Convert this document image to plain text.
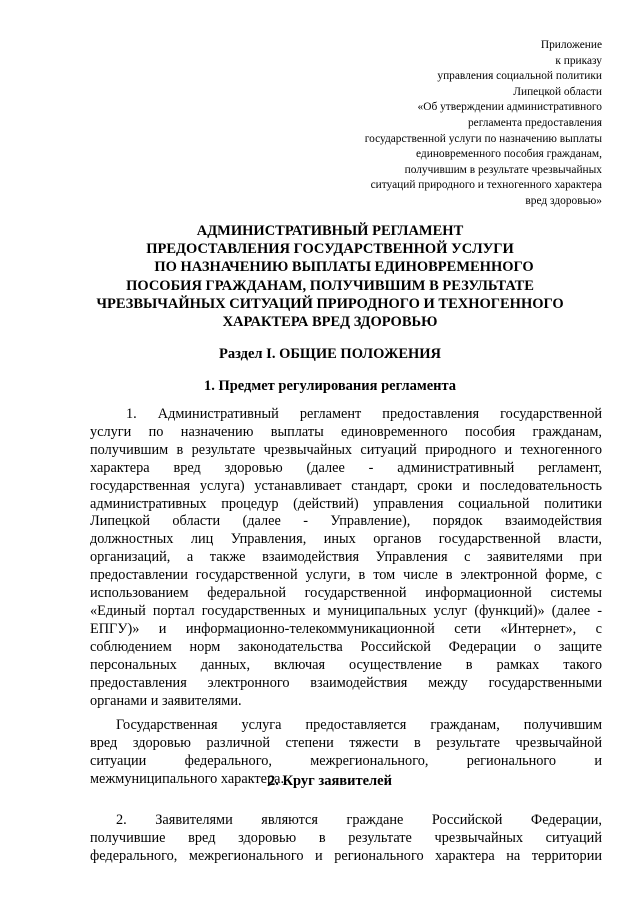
Приложение
к приказу
управления социальной политики
Липецкой области
«Об утверждении административного
регламента предоставления
государственной услуги по назначению выплаты
единовременного пособия гражданам,
получившим в результате чрезвычайных
ситуаций природного и техногенного характера
вред здоровью»
АДМИНИСТРАТИВНЫЙ РЕГЛАМЕНТ
ПРЕДОСТАВЛЕНИЯ ГОСУДАРСТВЕННОЙ УСЛУГИ
ПО НАЗНАЧЕНИЮ ВЫПЛАТЫ ЕДИНОВРЕМЕННОГО
ПОСОБИЯ ГРАЖДАНАМ, ПОЛУЧИВШИМ В РЕЗУЛЬТАТЕ
ЧРЕЗВЫЧАЙНЫХ СИТУАЦИЙ ПРИРОДНОГО И ТЕХНОГЕННОГО
ХАРАКТЕРА ВРЕД ЗДОРОВЬЮ
Раздел I. ОБЩИЕ ПОЛОЖЕНИЯ
1. Предмет регулирования регламента
1. Административный регламент предоставления государственной
услуги по назначению выплаты единовременного пособия гражданам,
получившим в результате чрезвычайных ситуаций природного и техногенного
характера вред здоровью (далее - административный регламент,
государственная услуга) устанавливает стандарт, сроки и последовательность
административных процедур (действий) управления социальной политики
Липецкой области (далее - Управление), порядок взаимодействия
должностных лиц Управления, иных органов государственной власти,
организаций, а также взаимодействия Управления с заявителями при
предоставлении государственной услуги, в том числе в электронной форме, с
использованием федеральной государственной информационной системы
«Единый портал государственных и муниципальных услуг (функций)» (далее -
ЕПГУ)» и информационно-телекоммуникационной сети «Интернет», с
соблюдением норм законодательства Российской Федерации о защите
персональных данных, включая осуществление в рамках такого
предоставления электронного взаимодействия между государственными
органами и заявителями.
Государственная услуга предоставляется гражданам, получившим
вред здоровью различной степени тяжести в результате чрезвычайной
ситуации федерального, межрегионального, регионального и
межмуниципального характера.
2. Круг заявителей
2. Заявителями являются граждане Российской Федерации,
получившие вред здоровью в результате чрезвычайных ситуаций
федерального, межрегионального и регионального характера на территории
